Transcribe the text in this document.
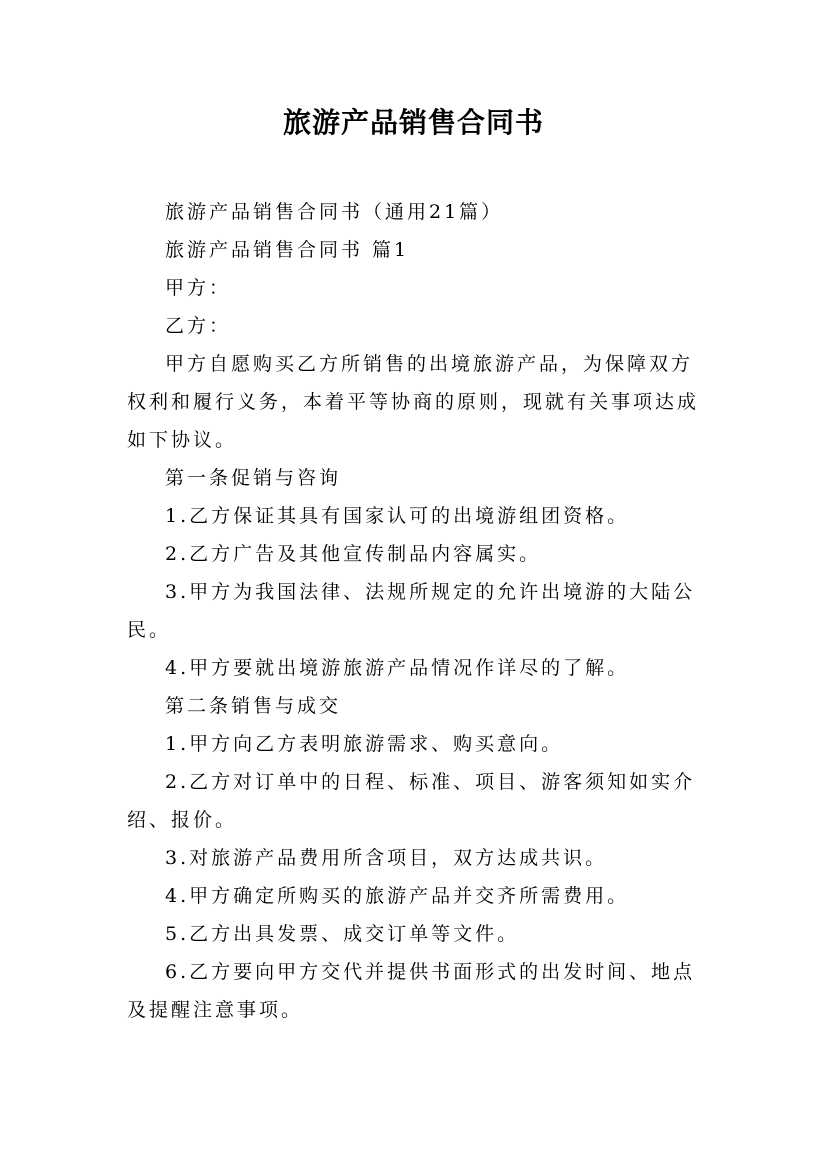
旅游产品销售合同书

旅游产品销售合同书（通用21篇）

旅游产品销售合同书 篇1

甲方：

乙方：

甲方自愿购买乙方所销售的出境旅游产品，为保障双方权利和履行义务，本着平等协商的原则，现就有关事项达成如下协议。

第一条促销与咨询

1.乙方保证其具有国家认可的出境游组团资格。

2.乙方广告及其他宣传制品内容属实。

3.甲方为我国法律、法规所规定的允许出境游的大陆公民。

4.甲方要就出境游旅游产品情况作详尽的了解。

第二条销售与成交

1.甲方向乙方表明旅游需求、购买意向。

2.乙方对订单中的日程、标准、项目、游客须知如实介绍、报价。

3.对旅游产品费用所含项目，双方达成共识。

4.甲方确定所购买的旅游产品并交齐所需费用。

5.乙方出具发票、成交订单等文件。

6.乙方要向甲方交代并提供书面形式的出发时间、地点及提醒注意事项。
